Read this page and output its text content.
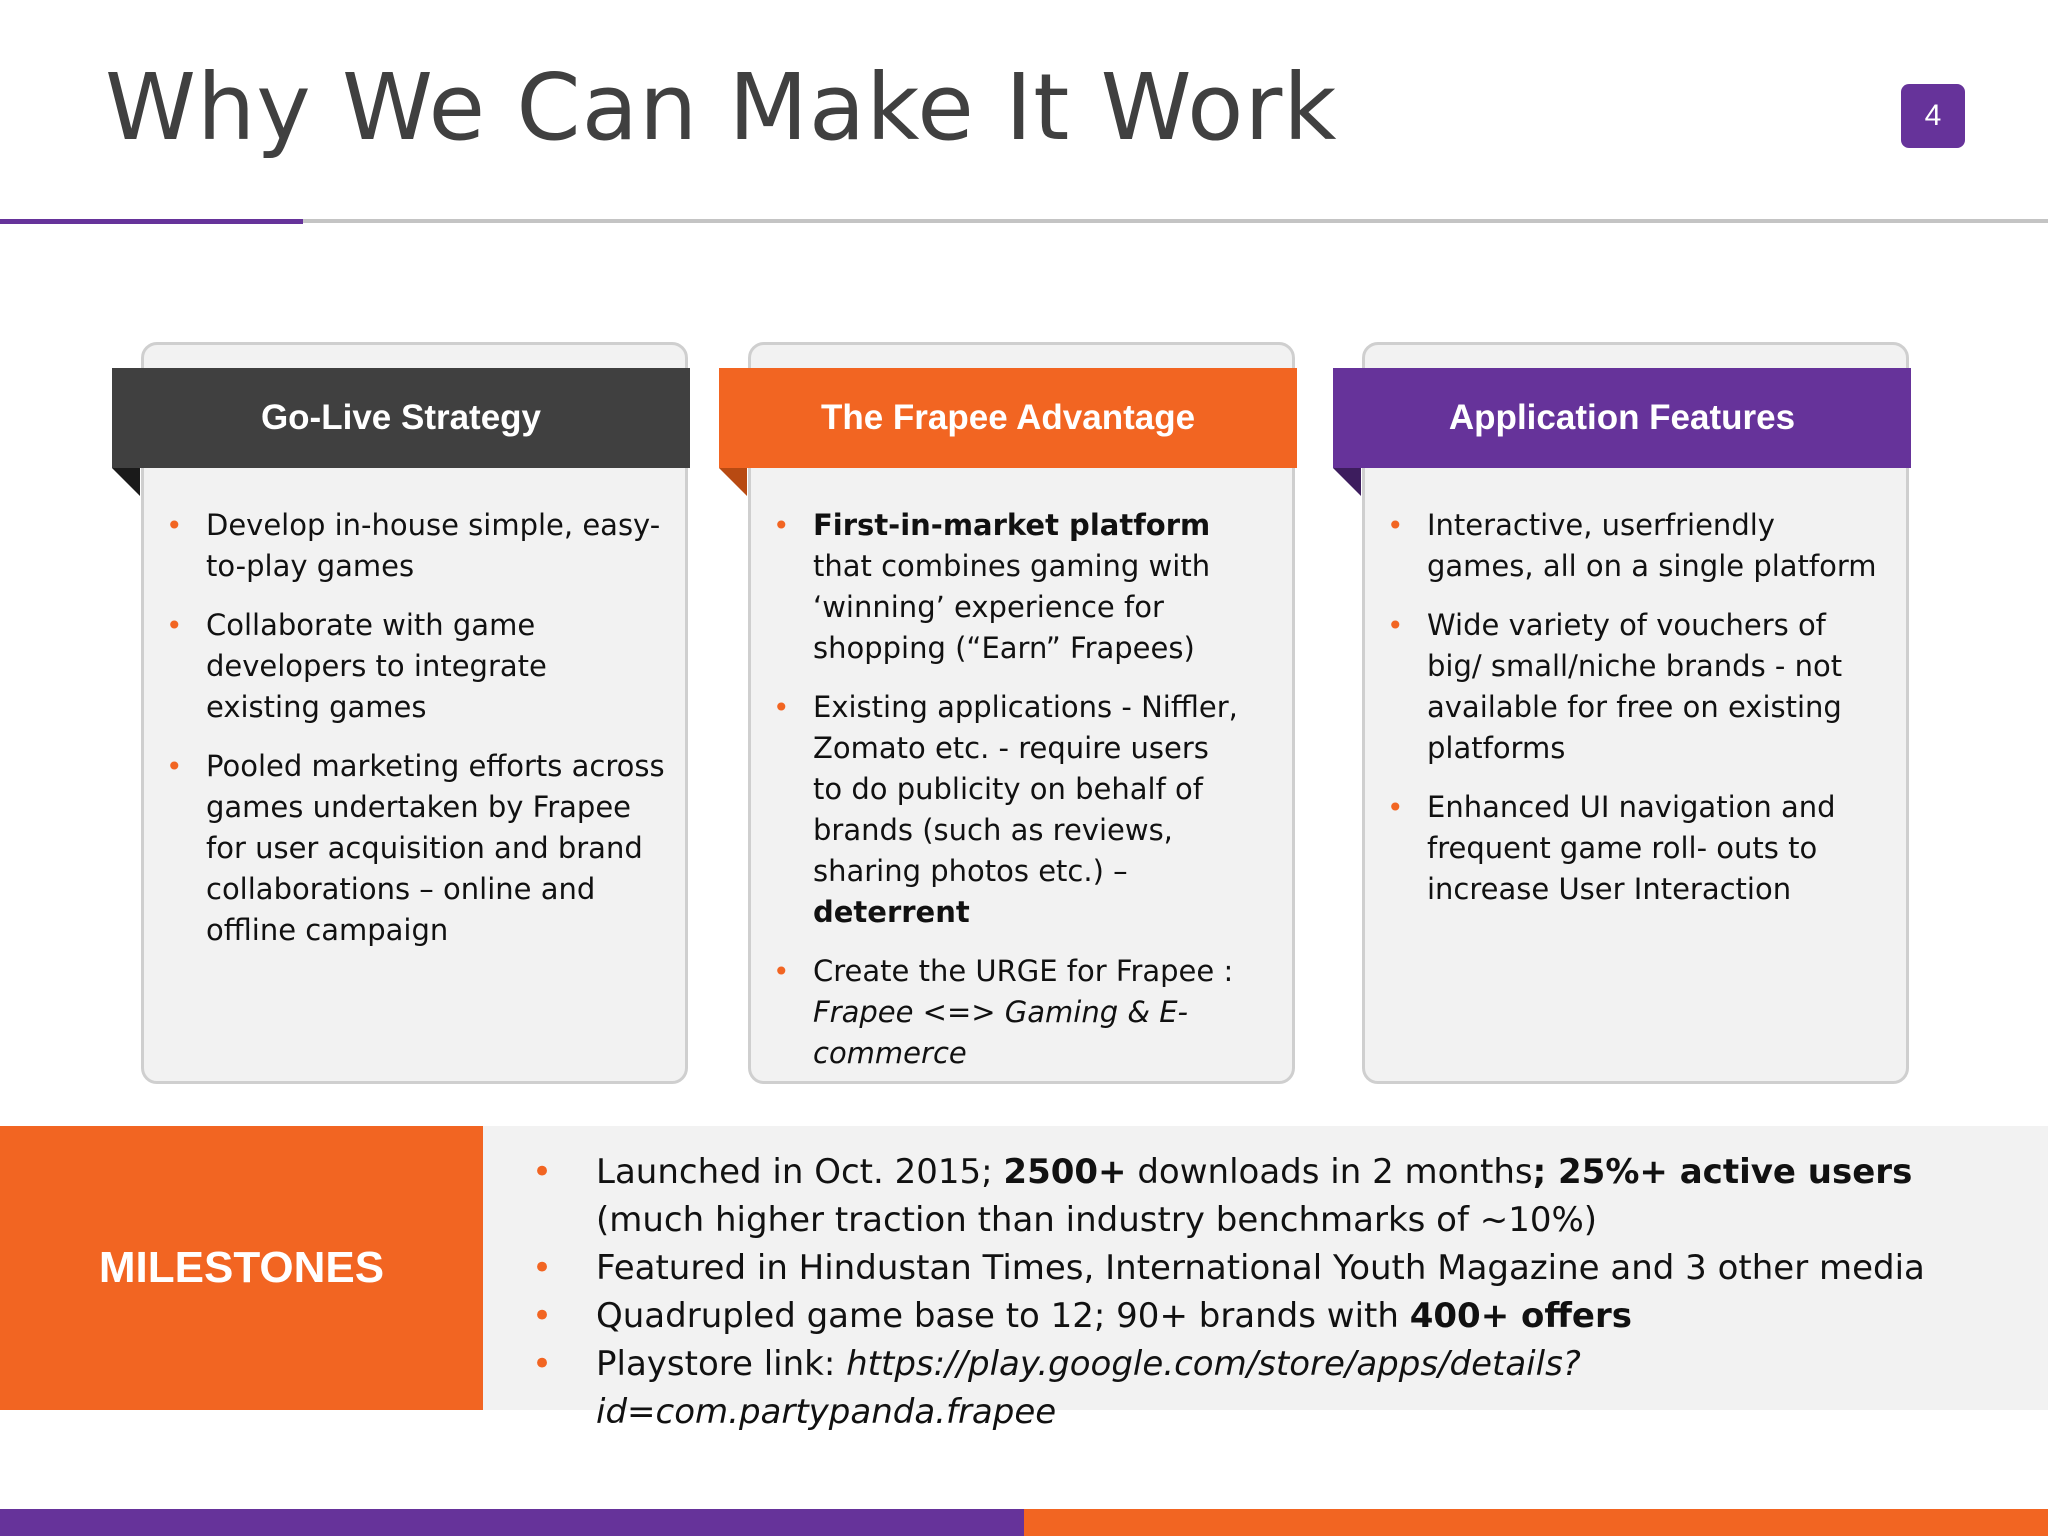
Why We Can Make It Work	4
Go-Live Strategy
• Develop in-house simple, easy-to-play games
• Collaborate with game developers to integrate existing games
• Pooled marketing efforts across games undertaken by Frapee for user acquisition and brand collaborations – online and offline campaign
The Frapee Advantage
• First-in-market platform that combines gaming with ‘winning’ experience for shopping (“Earn” Frapees)
• Existing applications - Niffler, Zomato etc. - require users to do publicity on behalf of brands (such as reviews, sharing photos etc.) – deterrent
• Create the URGE for Frapee : Frapee <=> Gaming & E-commerce
Application Features
• Interactive, userfriendly games, all on a single platform
• Wide variety of vouchers of big/ small/niche brands - not available for free on existing platforms
• Enhanced UI navigation and frequent game roll- outs to increase User Interaction
MILESTONES
• Launched in Oct. 2015; 2500+ downloads in 2 months; 25%+ active users (much higher traction than industry benchmarks of ~10%)
• Featured in Hindustan Times, International Youth Magazine and 3 other media
• Quadrupled game base to 12; 90+ brands with 400+ offers
• Playstore link: https://play.google.com/store/apps/details? id=com.partypanda.frapee
